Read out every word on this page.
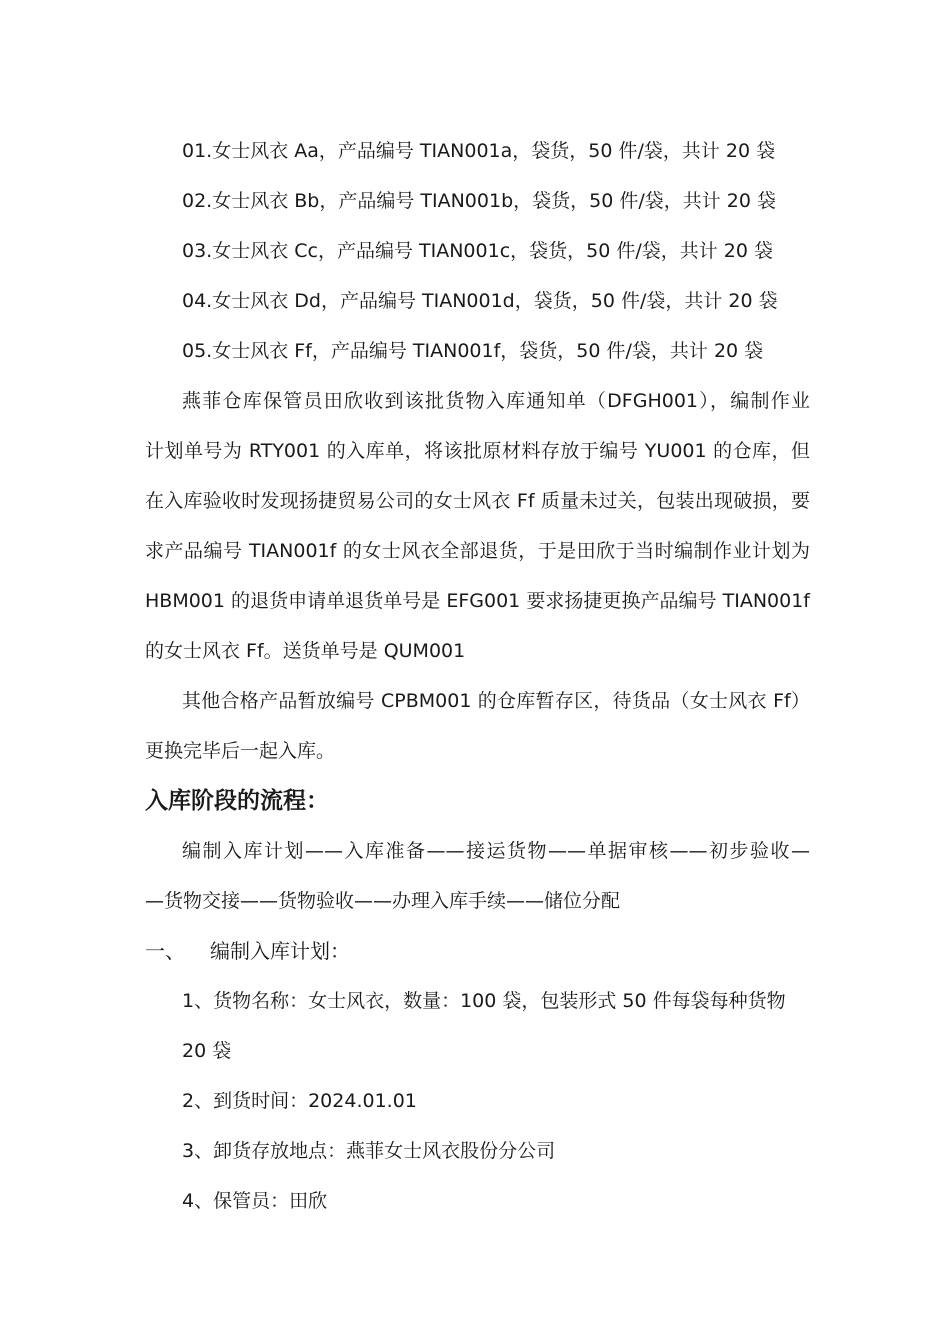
01.女士风衣 Aa，产品编号 TIAN001a，袋货，50 件/袋，共计 20 袋

02.女士风衣 Bb，产品编号 TIAN001b，袋货，50 件/袋，共计 20 袋

03.女士风衣 Cc，产品编号 TIAN001c，袋货，50 件/袋，共计 20 袋

04.女士风衣 Dd，产品编号 TIAN001d，袋货，50 件/袋，共计 20 袋

05.女士风衣 Ff，产品编号 TIAN001f，袋货，50 件/袋，共计 20 袋

燕菲仓库保管员田欣收到该批货物入库通知单（DFGH001），编制作业

计划单号为 RTY001 的入库单，将该批原材料存放于编号 YU001 的仓库，但

在入库验收时发现扬捷贸易公司的女士风衣 Ff 质量未过关，包装出现破损，要

求产品编号 TIAN001f 的女士风衣全部退货，于是田欣于当时编制作业计划为

HBM001 的退货申请单退货单号是 EFG001 要求扬捷更换产品编号 TIAN001f

的女士风衣 Ff。送货单号是 QUM001

其他合格产品暂放编号 CPBM001 的仓库暂存区，待货品（女士风衣 Ff）

更换完毕后一起入库。

入库阶段的流程：

编制入库计划——入库准备——接运货物——单据审核——初步验收—

—货物交接——货物验收——办理入库手续——储位分配

一、 编制入库计划：

1、货物名称：女士风衣，数量：100 袋，包装形式 50 件每袋每种货物

20 袋

2、到货时间：2024.01.01

3、卸货存放地点：燕菲女士风衣股份分公司

4、保管员：田欣
